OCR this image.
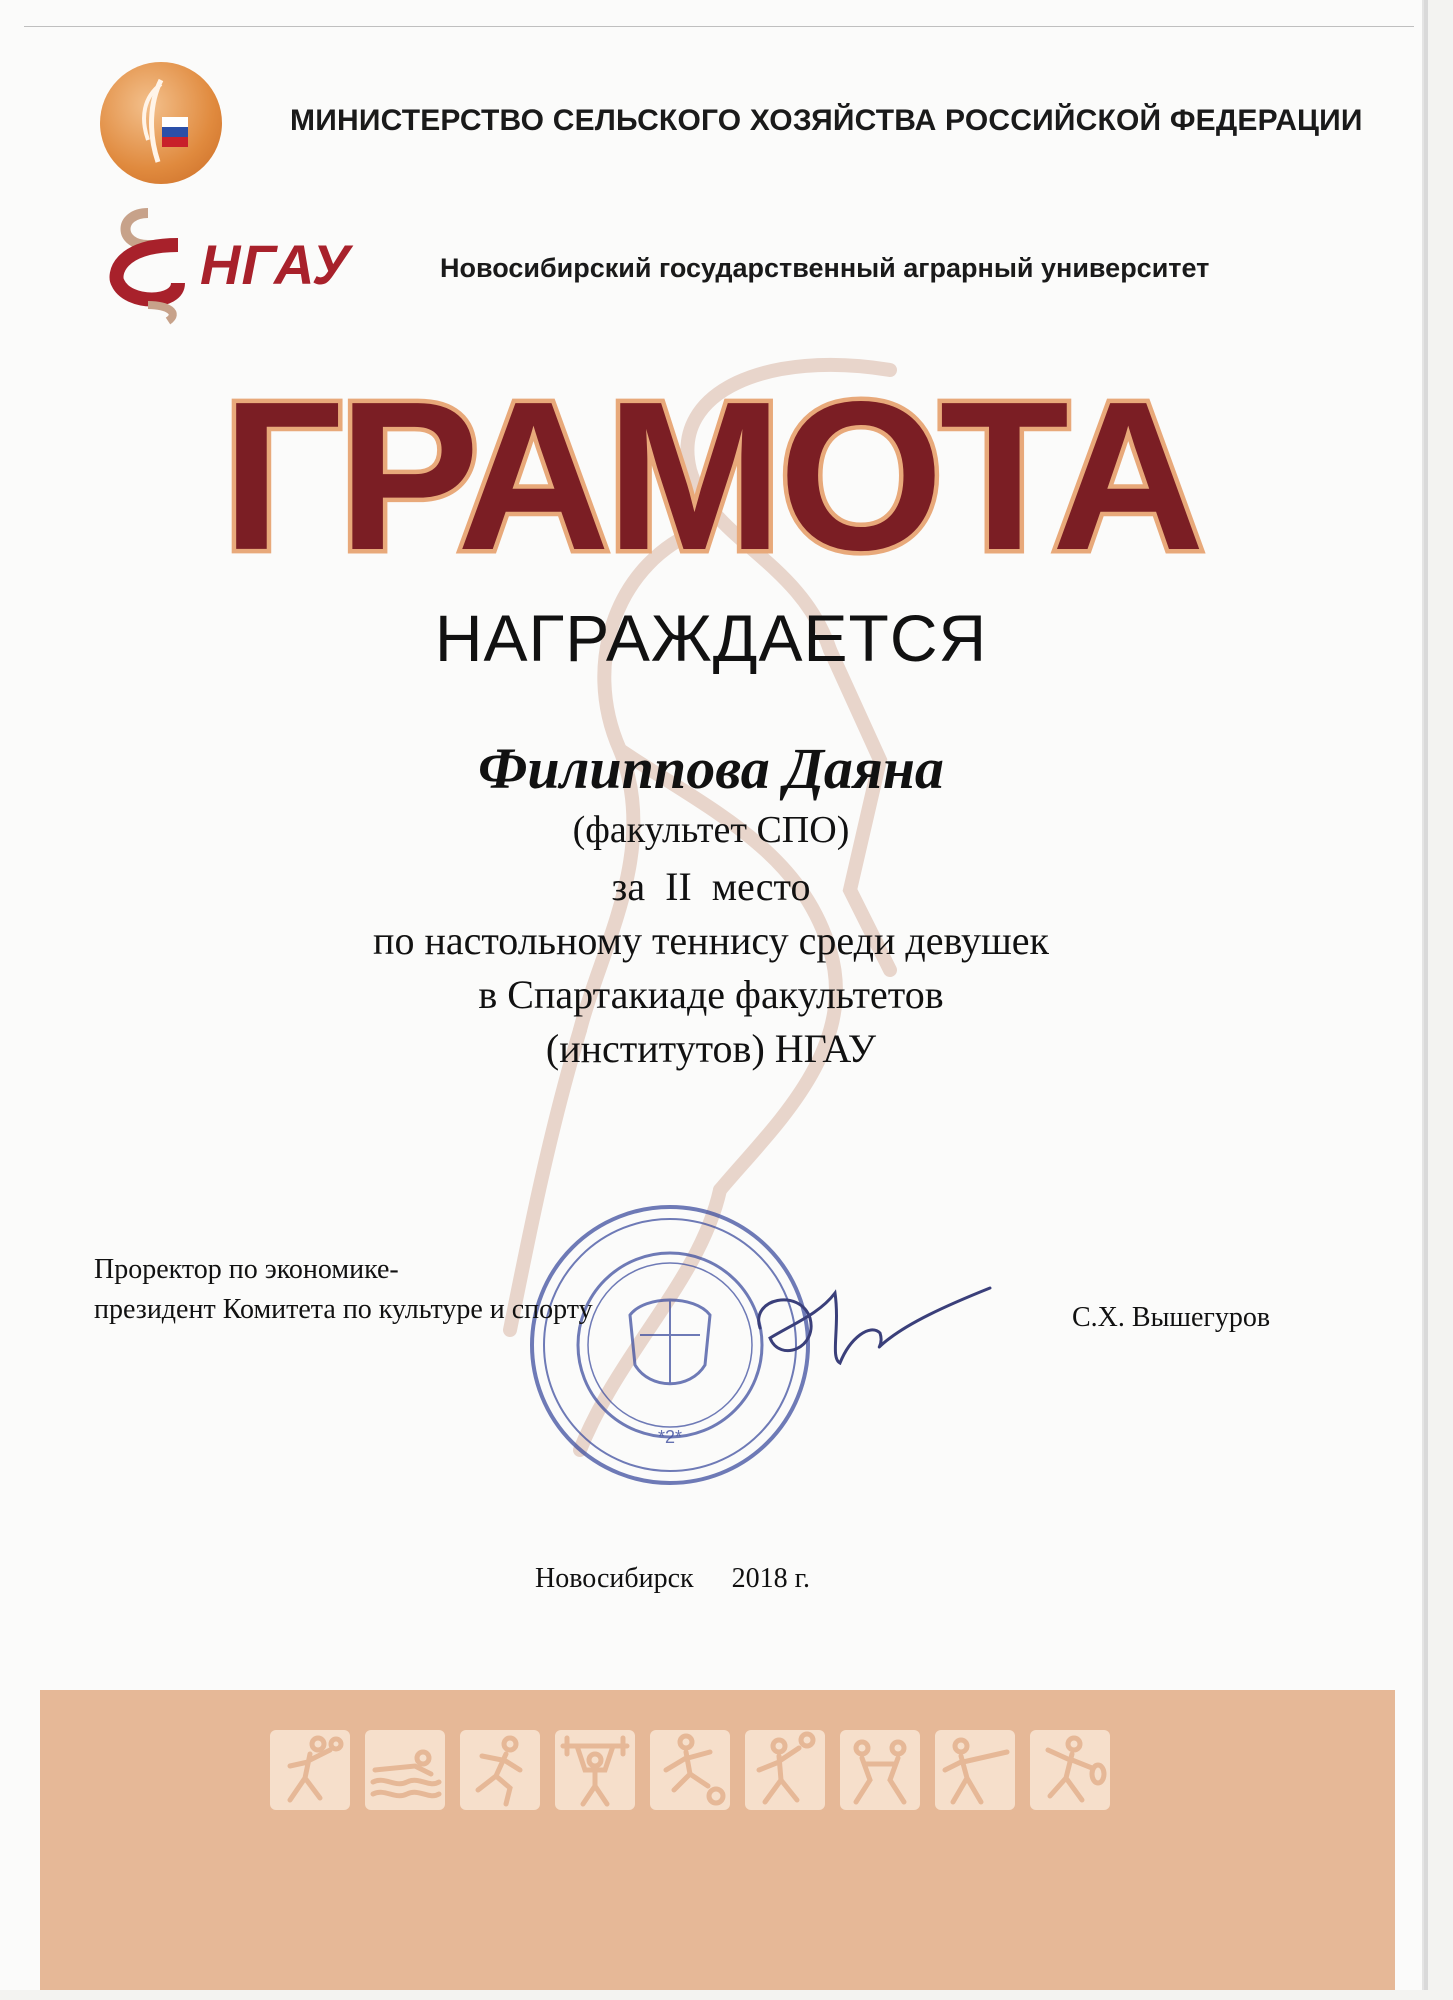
МИНИСТЕРСТВО СЕЛЬСКОГО ХОЗЯЙСТВА РОССИЙСКОЙ ФЕДЕРАЦИИ
НГАУ	Новосибирский государственный аграрный университет
ГРАМОТА
НАГРАЖДАЕТСЯ
Филиппова Даяна
(факультет СПО)
за  II  место
по настольному теннису среди девушек
в Спартакиаде факультетов
(институтов) НГАУ
*2*
Проректор по экономике-
президент Комитета по культуре и спорту	С.Х. Вышегуров
Новосибирск 2018 г.
